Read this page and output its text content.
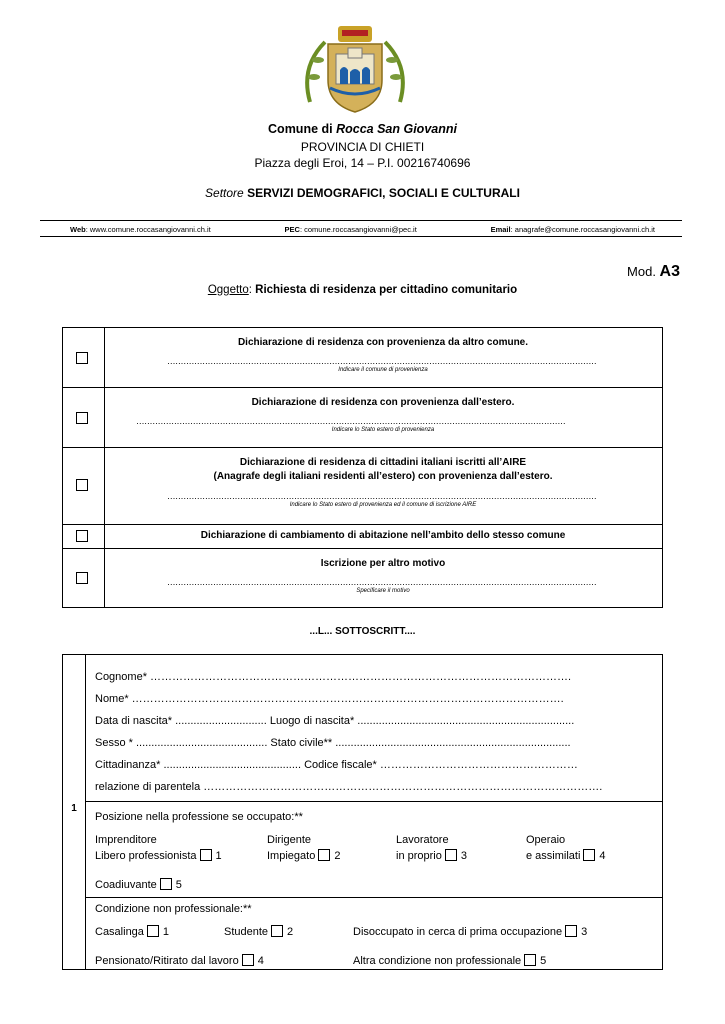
Comune di Rocca San Giovanni
PROVINCIA DI CHIETI
Piazza degli Eroi, 14 – P.I. 00216740696
Settore SERVIZI DEMOGRAFICI, SOCIALI E CULTURALI
Web: www.comune.roccasangiovanni.ch.it	PEC: comune.roccasangiovanni@pec.it	Email: anagrafe@comune.roccasangiovanni.ch.it
Mod. A3
Oggetto: Richiesta di residenza per cittadino comunitario
Dichiarazione di residenza con provenienza da altro comune.
...............................................................................................................................................................
Indicare il comune di provenienza
Dichiarazione di residenza con provenienza dall’estero.
...............................................................................................................................................................
Indicare lo Stato estero di provenienza
Dichiarazione di residenza di cittadini italiani iscritti all’AIRE
(Anagrafe degli italiani residenti all’estero) con provenienza dall’estero.
...............................................................................................................................................................
Indicare lo Stato estero di provenienza ed il comune di iscrizione AIRE
Dichiarazione di cambiamento di abitazione nell’ambito dello stesso comune
Iscrizione per altro motivo
...............................................................................................................................................................
Specificare il motivo
...L... SOTTOSCRITT....
1
Cognome* …………………………………………………………………………………………………….
Nome* ……………………………………………………………………………………………………….
Data di nascita* .............................. Luogo di nascita* .......................................................................
Sesso * ........................................... Stato civile** .............................................................................
Cittadinanza* ............................................. Codice fiscale* ………………………………………………
relazione di parentela ……………………………………………………………………………………………….
Posizione nella professione se occupato:**
Imprenditore
Libero professionista 1
Dirigente
Impiegato 2
Lavoratore
in proprio 3
Operaio
e assimilati 4
Coadiuvante 5
Condizione non professionale:**
Casalinga 1	Studente 2	Disoccupato in cerca di prima occupazione 3
Pensionato/Ritirato dal lavoro 4	Altra condizione non professionale 5
